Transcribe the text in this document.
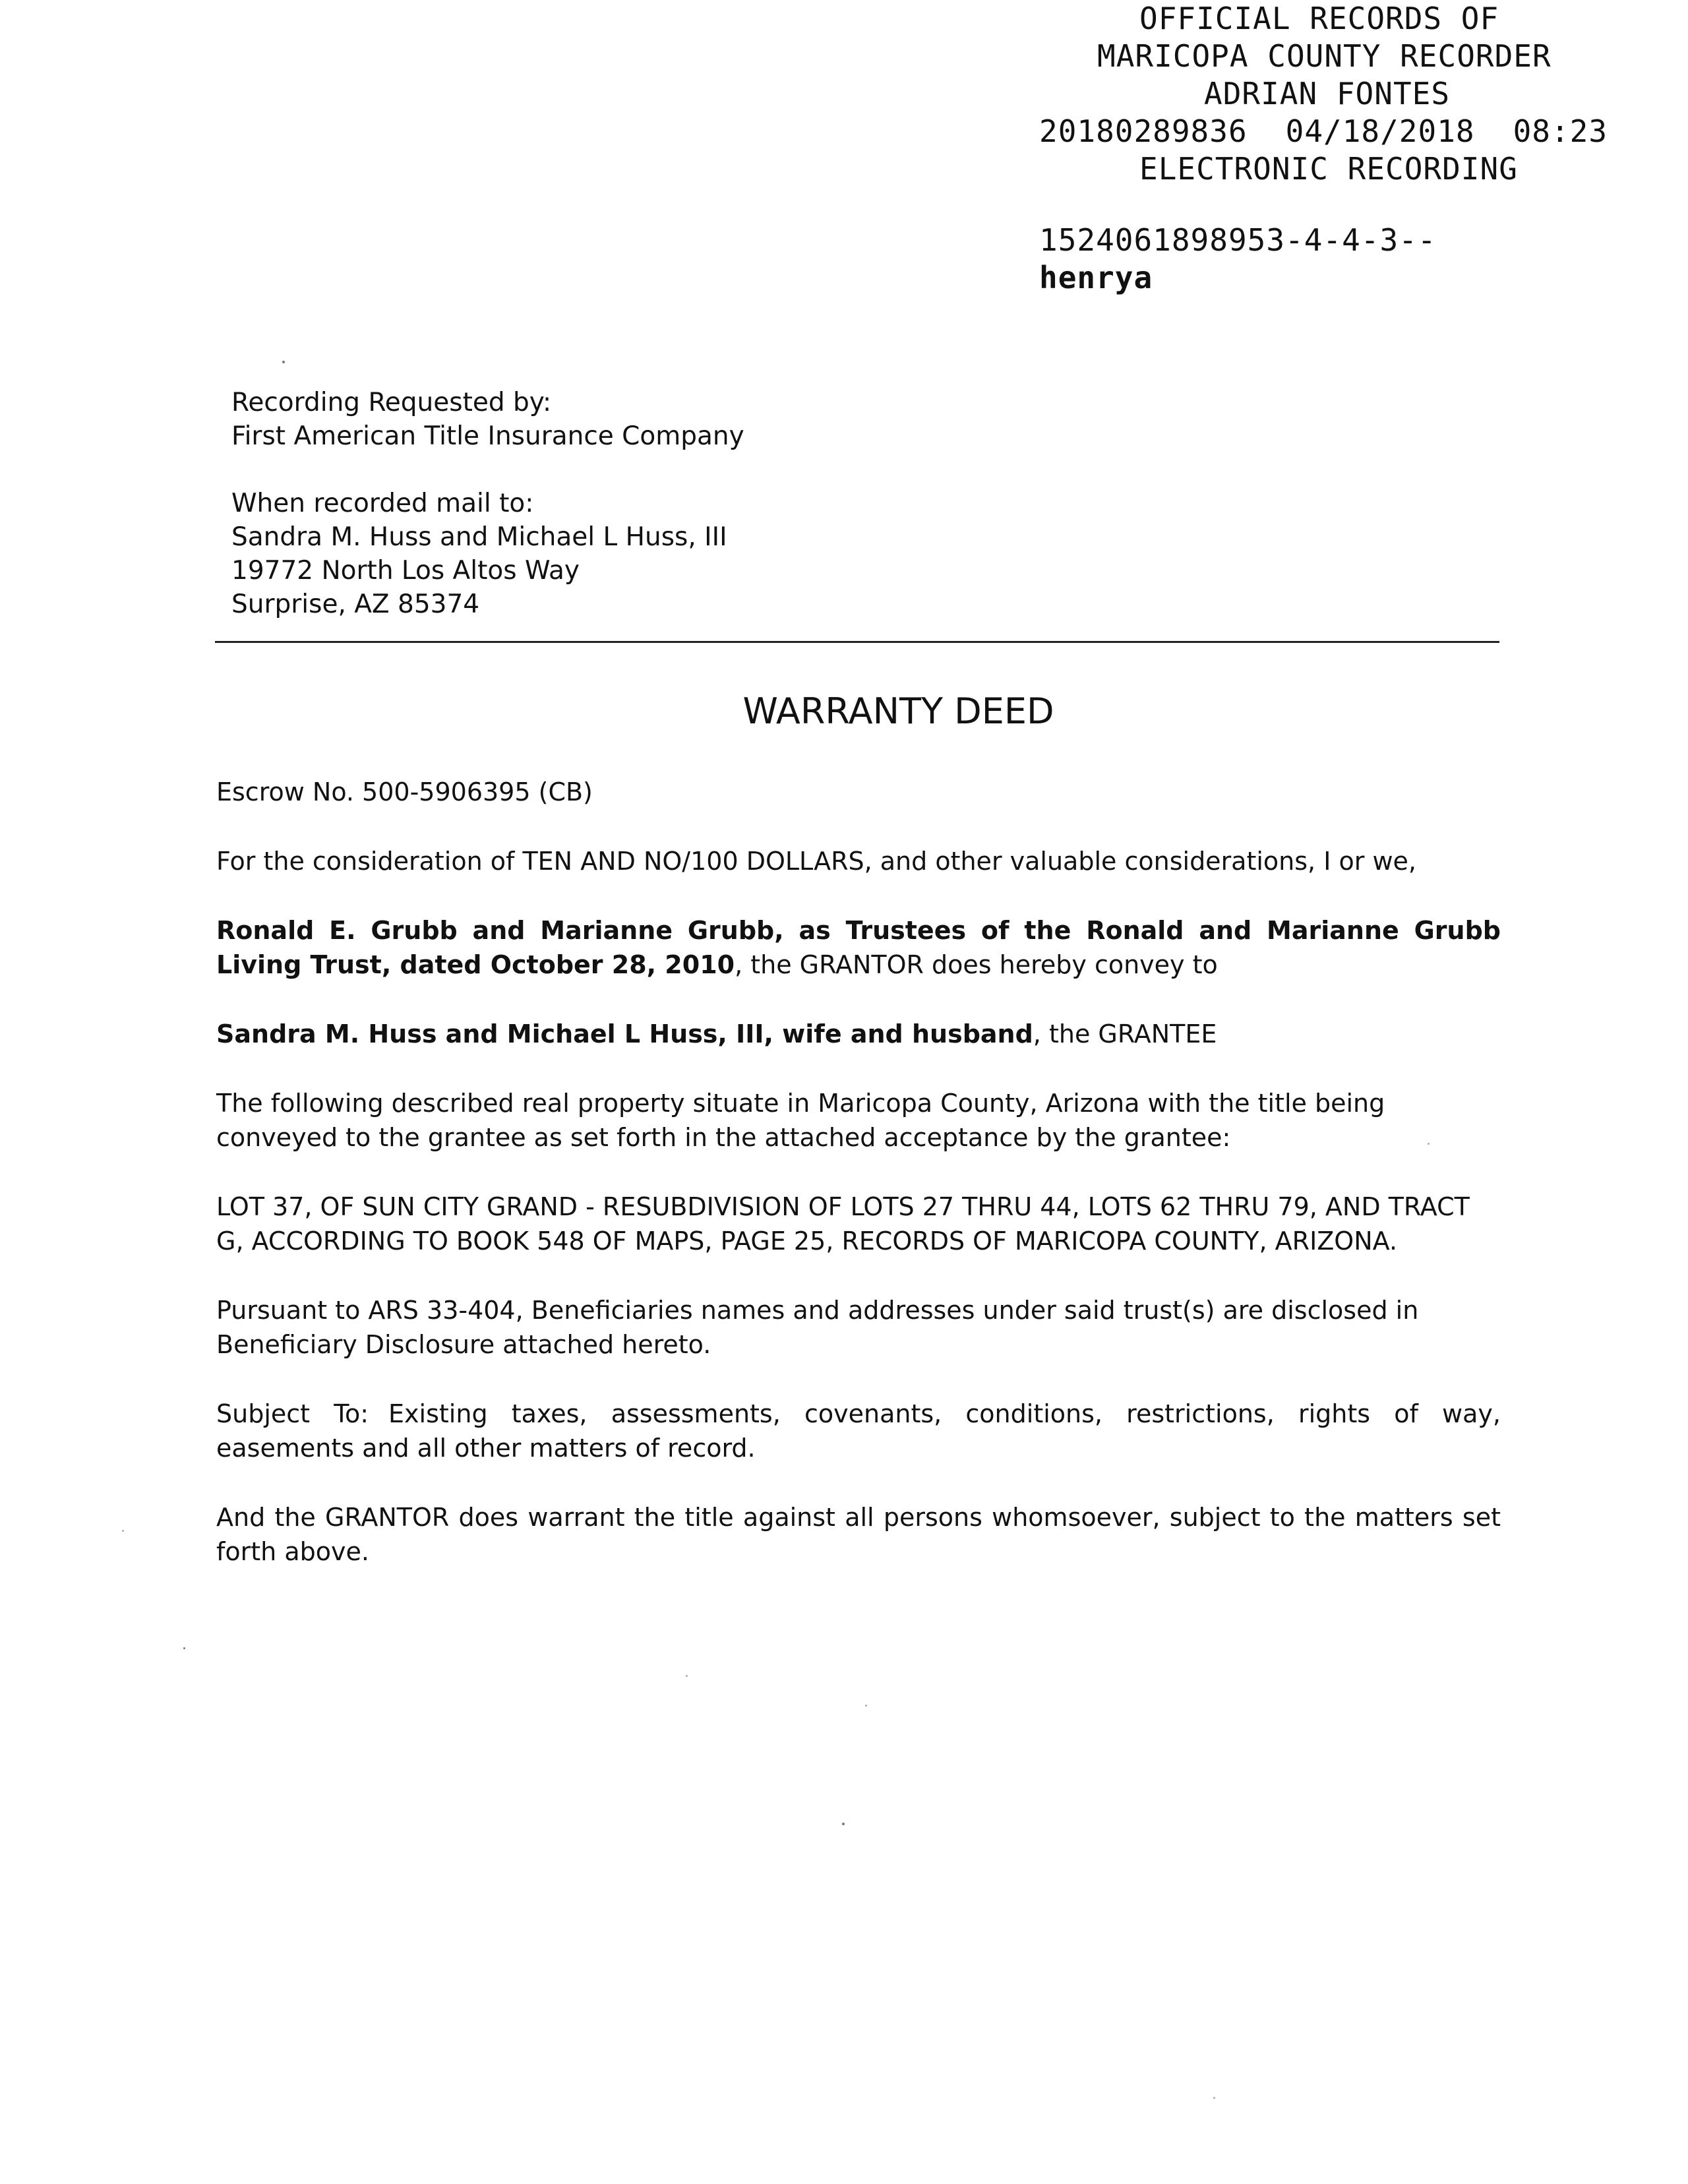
OFFICIAL RECORDS OF
MARICOPA COUNTY RECORDER
ADRIAN FONTES
20180289836 04/18/2018 08:23
ELECTRONIC RECORDING
1524061898953-4-4-3--
henrya
Recording Requested by:
First American Title Insurance Company
When recorded mail to:
Sandra M. Huss and Michael L Huss, III
19772 North Los Altos Way
Surprise, AZ 85374
WARRANTY DEED

Escrow No. 500-5906395 (CB)

For the consideration of TEN AND NO/100 DOLLARS, and other valuable considerations, I or we,

Ronald E. Grubb and Marianne Grubb, as Trustees of the Ronald and Marianne Grubb Living Trust, dated October 28, 2010, the GRANTOR does hereby convey to

Sandra M. Huss and Michael L Huss, III, wife and husband, the GRANTEE

The following described real property situate in Maricopa County, Arizona with the title being conveyed to the grantee as set forth in the attached acceptance by the grantee:

LOT 37, OF SUN CITY GRAND - RESUBDIVISION OF LOTS 27 THRU 44, LOTS 62 THRU 79, AND TRACT G, ACCORDING TO BOOK 548 OF MAPS, PAGE 25, RECORDS OF MARICOPA COUNTY, ARIZONA.

Pursuant to ARS 33-404, Beneficiaries names and addresses under said trust(s) are disclosed in Beneficiary Disclosure attached hereto.

Subject To: Existing taxes, assessments, covenants, conditions, restrictions, rights of way, easements and all other matters of record.

And the GRANTOR does warrant the title against all persons whomsoever, subject to the matters set forth above.
